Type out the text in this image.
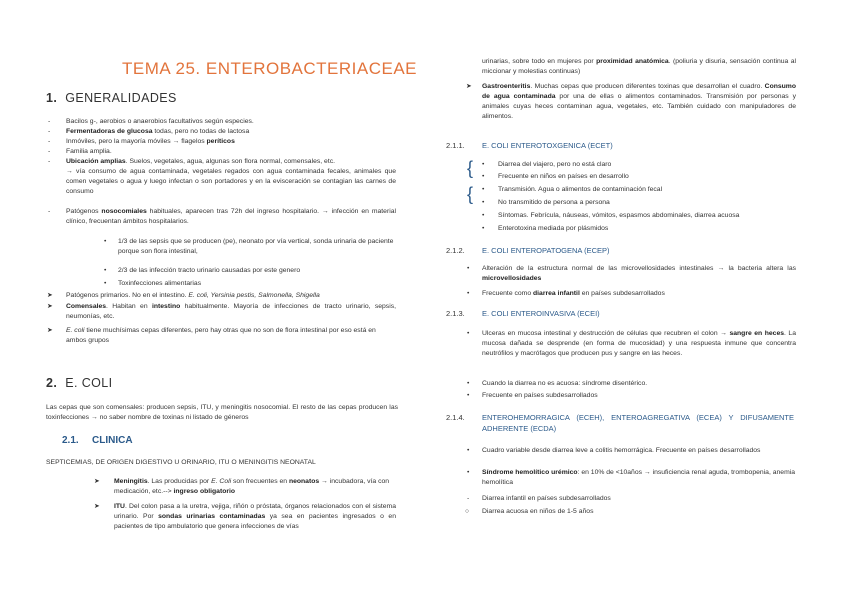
TEMA 25. ENTEROBACTERIACEAE
1. GENERALIDADES
- Bacilos g-, aerobios o anaerobios facultativos según especies.
- Fermentadoras de glucosa todas, pero no todas de lactosa
- Inmóviles, pero la mayoría móviles → flagelos períticos
- Familia amplia.
- Ubicación amplias. Suelos, vegetales, agua, algunas son flora normal, comensales, etc.
→ vía consumo de agua contaminada, vegetales regados con agua contaminada fecales, animales que comen vegetales o agua y luego infectan o son portadores y en la evisceración se contagian las carnes de consumo
- Patógenos nosocomiales habituales, aparecen tras 72h del ingreso hospitalario. → infección en material clínico, frecuentan ámbitos hospitalarios.
• 1/3 de las sepsis que se producen (pe), neonato por vía vertical, sonda urinaria de paciente porque son flora intestinal,
• 2/3 de las infección tracto urinario causadas por este genero
• Toxinfecciones alimentarias
➤ Patógenos primarios. No en el intestino. E. coli, Yersinia pestis, Salmonella, Shigella
➤ Comensales. Habitan en intestino habitualmente. Mayoría de infecciones de tracto urinario, sepsis, neumonías, etc.
➤ E. coli tiene muchísimas cepas diferentes, pero hay otras que no son de flora intestinal por eso está en ambos grupos
2. E. COLI
Las cepas que son comensales: producen sepsis, ITU, y meningitis nosocomial. El resto de las cepas producen las toxinfecciones → no saber nombre de toxinas ni listado de géneros
2.1. CLINICA
SEPTICEMIAS, DE ORIGEN DIGESTIVO U ORINARIO, ITU O MENINGITIS NEONATAL
➤ Meningitis. Las producidas por E. Coli son frecuentes en neonatos → incubadora, vía con medicación, etc.--> ingreso obligatorio
➤ ITU. Del colon pasa a la uretra, vejiga, riñón o próstata, órganos relacionados con el sistema urinario. Por sondas urinarias contaminadas ya sea en pacientes ingresados o en pacientes de tipo ambulatorio que genera infecciones de vías
urinarias, sobre todo en mujeres por proximidad anatómica. (poliuria y disuria, sensación continua al miccionar y molestias continuas)
➤ Gastroenteritis. Muchas cepas que producen diferentes toxinas que desarrollan el cuadro. Consumo de agua contaminada por una de ellas o alimentos contaminados. Transmisión por personas y animales cuyas heces contaminan agua, vegetales, etc. También cuidado con manipuladores de alimentos.
2.1.1. E. COLI ENTEROTOXGENICA (ECET)
{
{
• Diarrea del viajero, pero no está claro
• Frecuente en niños en países en desarrollo
• Transmisión. Agua o alimentos de contaminación fecal
• No transmitido de persona a persona
• Síntomas. Febrícula, náuseas, vómitos, espasmos abdominales, diarrea acuosa
• Enterotoxina mediada por plásmidos
2.1.2. E. COLI ENTEROPATOGENA (ECEP)
• Alteración de la estructura normal de las microvellosidades intestinales → la bacteria altera las microvellosidades
• Frecuente como diarrea infantil en países subdesarrollados
2.1.3. E. COLI ENTEROINVASIVA (ECEI)
• Ulceras en mucosa intestinal y destrucción de células que recubren el colon → sangre en heces. La mucosa dañada se desprende (en forma de mucosidad) y una respuesta inmune que concentra neutrófilos y macrófagos que producen pus y sangre en las heces.
• Cuando la diarrea no es acuosa: síndrome disentérico.
• Frecuente en países subdesarrollados
2.1.4. ENTEROHEMORRAGICA (ECEH), ENTEROAGREGATIVA (ECEA) Y DIFUSAMENTE ADHERENTE (ECDA)
• Cuadro variable desde diarrea leve a colitis hemorrágica. Frecuente en países desarrollados
• Síndrome hemolítico urémico: en 10% de <10años → insuficiencia renal aguda, trombopenia, anemia hemolítica
- Diarrea infantil en países subdesarrollados
○ Diarrea acuosa en niños de 1-5 años
